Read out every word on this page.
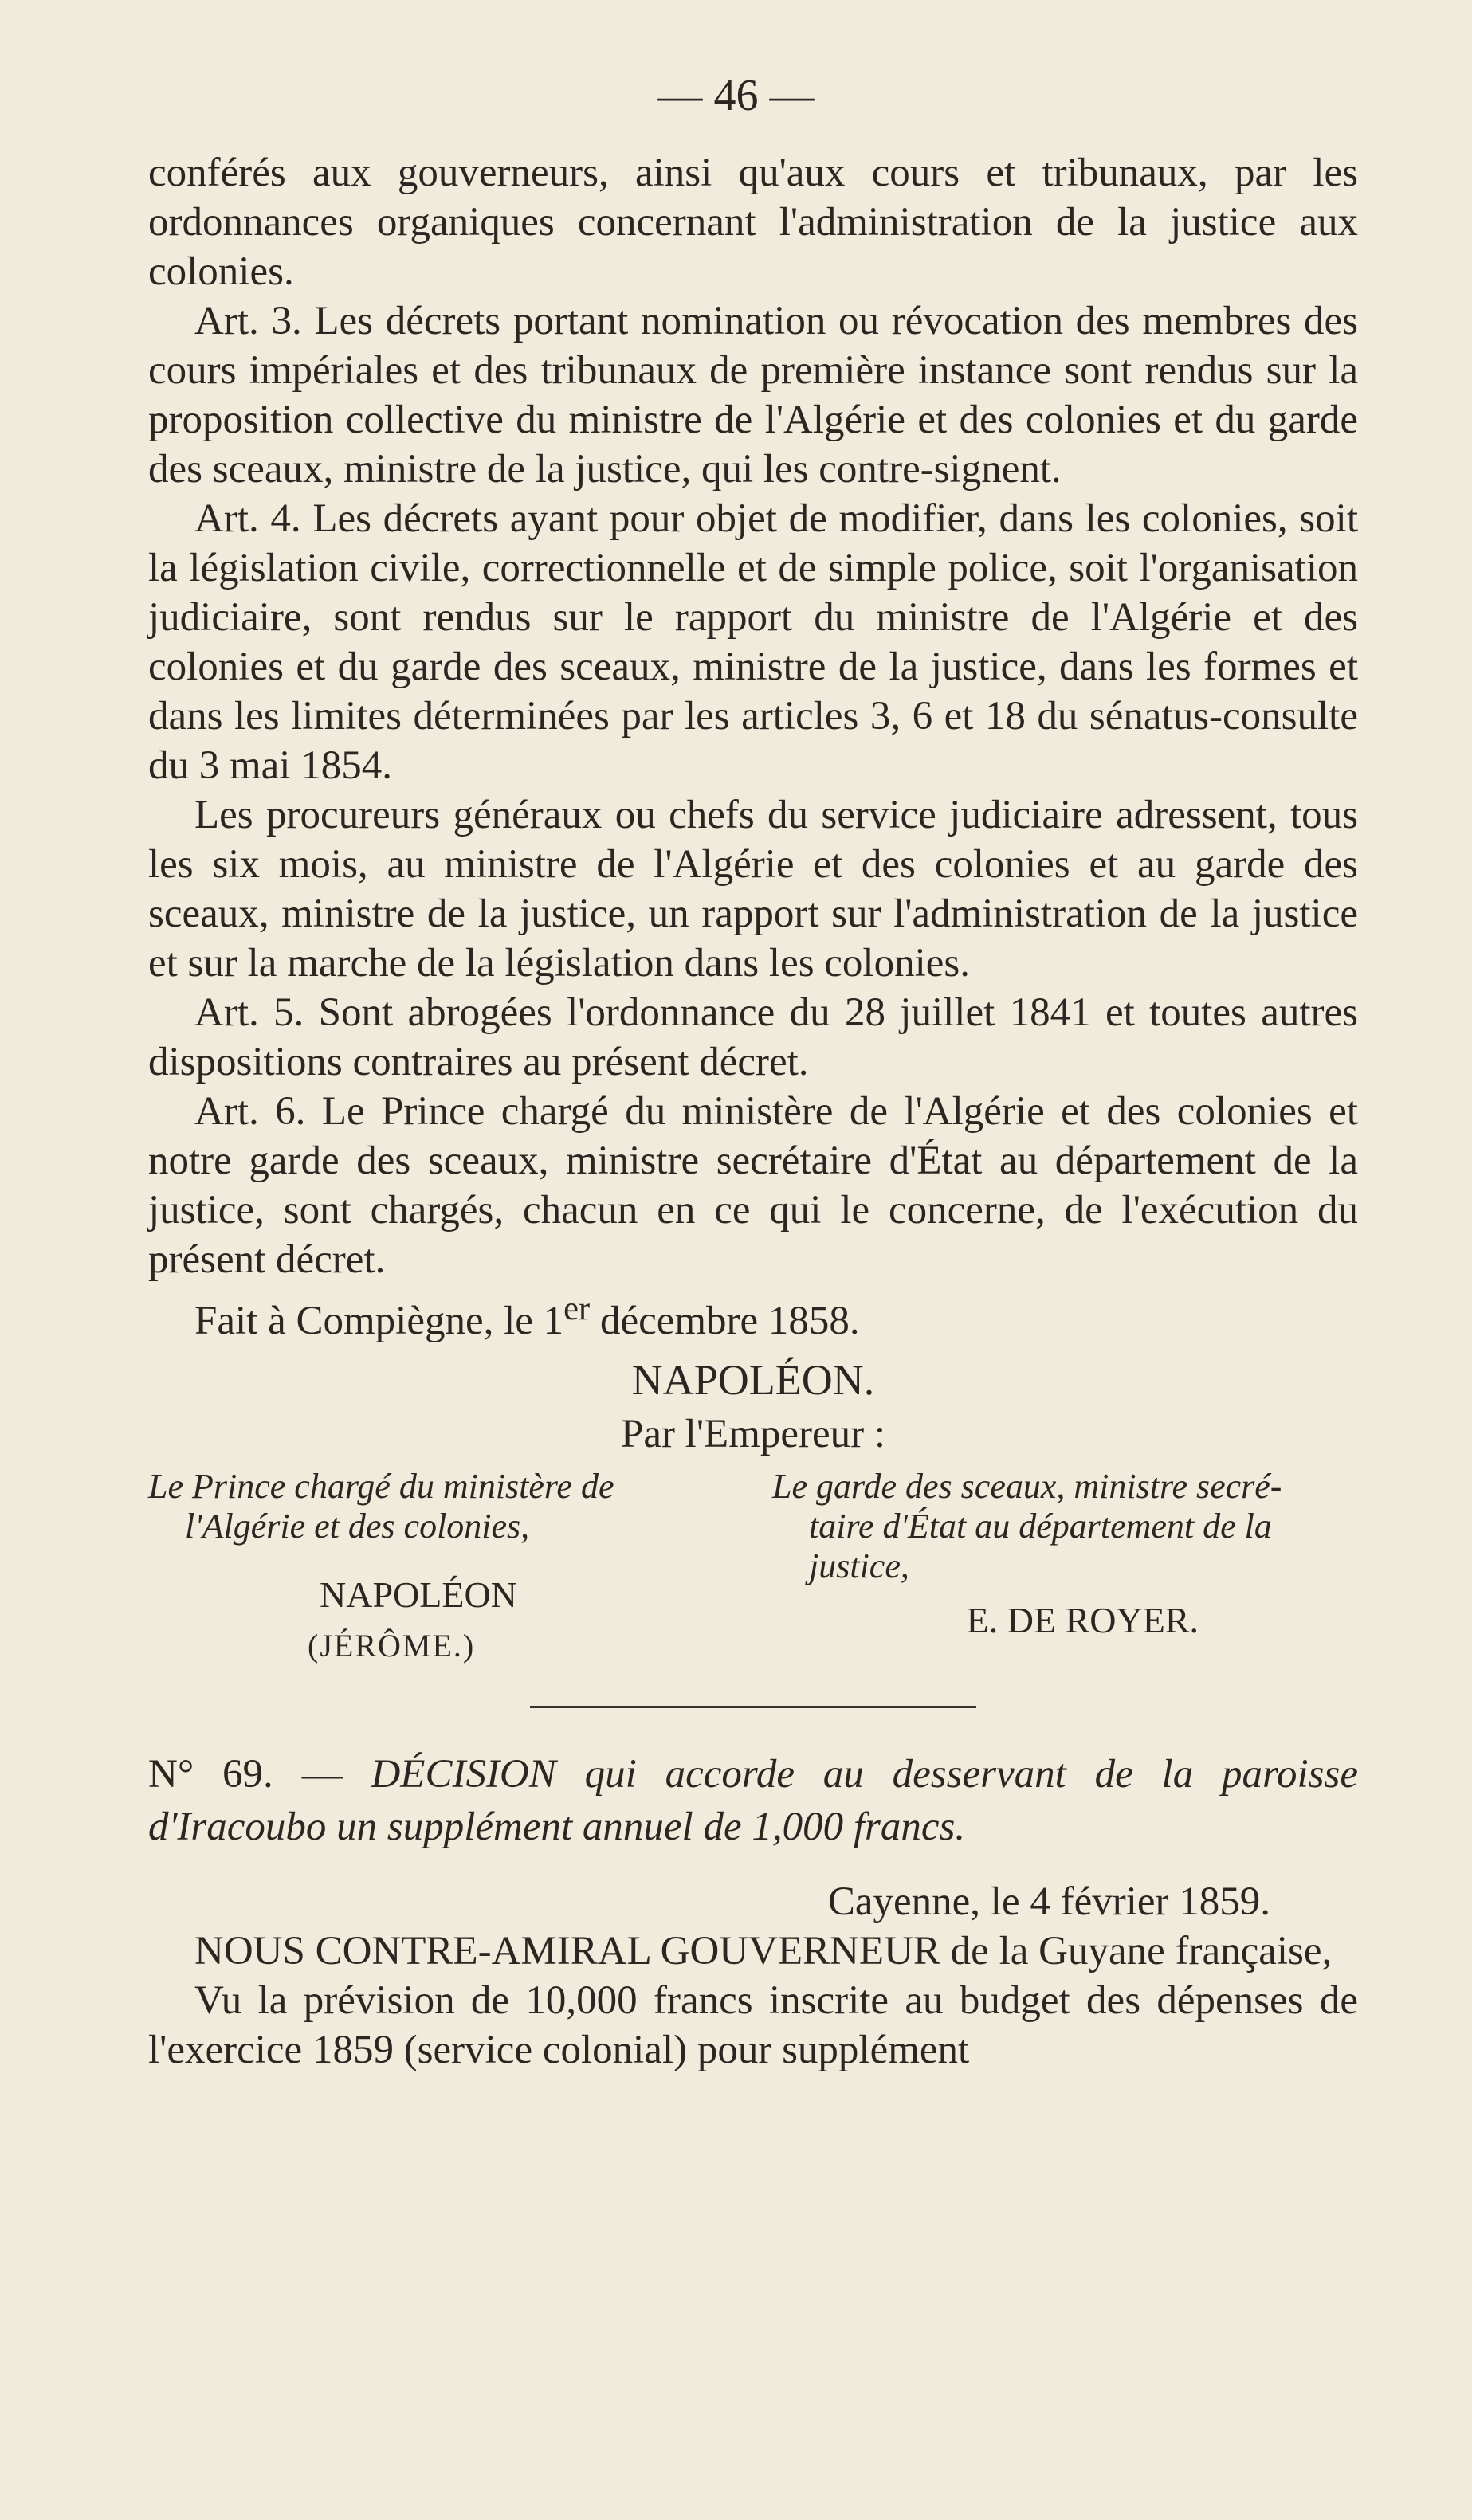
— 46 —

conférés aux gouverneurs, ainsi qu'aux cours et tribunaux, par les ordonnances organiques concernant l'administration de la justice aux colonies.

Art. 3. Les décrets portant nomination ou révocation des membres des cours impériales et des tribunaux de première instance sont rendus sur la proposition collective du ministre de l'Algérie et des colonies et du garde des sceaux, ministre de la justice, qui les contre-signent.

Art. 4. Les décrets ayant pour objet de modifier, dans les colonies, soit la législation civile, correctionnelle et de simple police, soit l'organisation judiciaire, sont rendus sur le rapport du ministre de l'Algérie et des colonies et du garde des sceaux, ministre de la justice, dans les formes et dans les limites déterminées par les articles 3, 6 et 18 du sénatus-consulte du 3 mai 1854.

Les procureurs généraux ou chefs du service judiciaire adressent, tous les six mois, au ministre de l'Algérie et des colonies et au garde des sceaux, ministre de la justice, un rapport sur l'administration de la justice et sur la marche de la législation dans les colonies.

Art. 5. Sont abrogées l'ordonnance du 28 juillet 1841 et toutes autres dispositions contraires au présent décret.

Art. 6. Le Prince chargé du ministère de l'Algérie et des colonies et notre garde des sceaux, ministre secrétaire d'État au département de la justice, sont chargés, chacun en ce qui le concerne, de l'exécution du présent décret.

Fait à Compiègne, le 1er décembre 1858.

NAPOLÉON.

Par l'Empereur :

Le Prince chargé du ministère de

l'Algérie et des colonies,

NAPOLÉON
(JÉRÔME.)

Le garde des sceaux, ministre secré-

taire d'État au département de la

justice,

E. DE ROYER.

N° 69. — DÉCISION qui accorde au desservant de la paroisse d'Iracoubo un supplément annuel de 1,000 francs.

Cayenne, le 4 février 1859.

NOUS CONTRE-AMIRAL GOUVERNEUR de la Guyane française,

Vu la prévision de 10,000 francs inscrite au budget des dépenses de l'exercice 1859 (service colonial) pour supplément
